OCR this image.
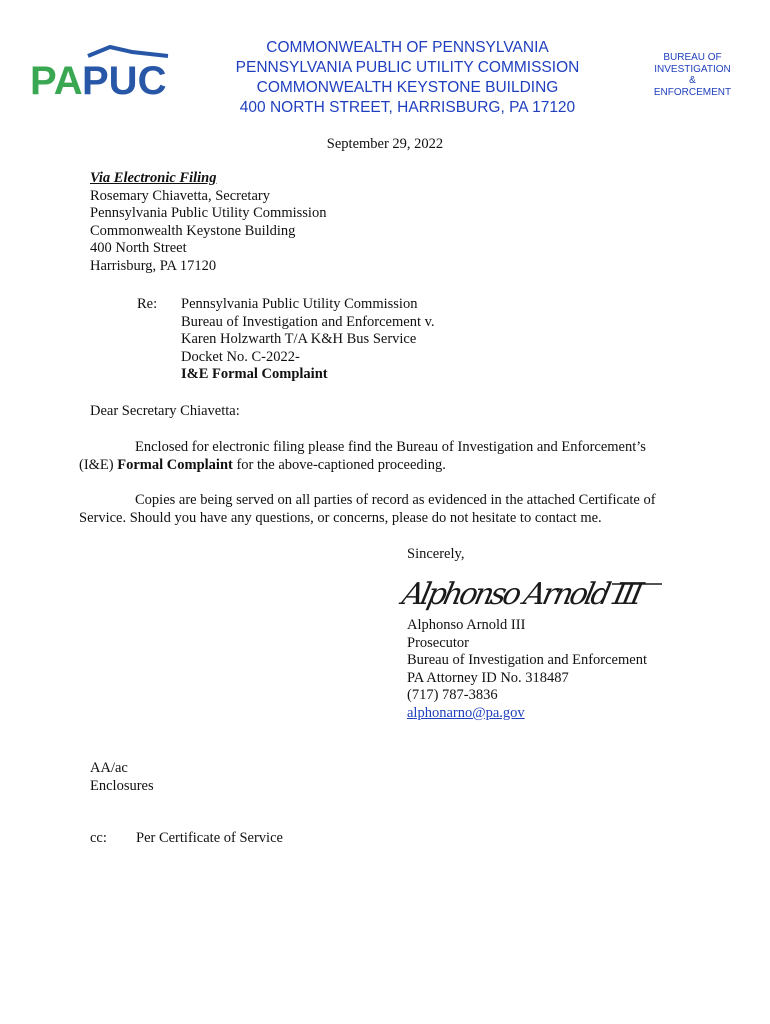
PA PUC
COMMONWEALTH OF PENNSYLVANIA
PENNSYLVANIA PUBLIC UTILITY COMMISSION
COMMONWEALTH KEYSTONE BUILDING
400 NORTH STREET, HARRISBURG, PA 17120
BUREAU OF
INVESTIGATION
&
ENFORCEMENT
September 29, 2022
Via Electronic Filing
Rosemary Chiavetta, Secretary
Pennsylvania Public Utility Commission
Commonwealth Keystone Building
400 North Street
Harrisburg, PA 17120
Re: Pennsylvania Public Utility Commission
Bureau of Investigation and Enforcement v.
Karen Holzwarth T/A K&H Bus Service
Docket No. C-2022-
I&E Formal Complaint
Dear Secretary Chiavetta:
Enclosed for electronic filing please find the Bureau of Investigation and Enforcement’s
(I&E) Formal Complaint for the above-captioned proceeding.
Copies are being served on all parties of record as evidenced in the attached Certificate of
Service. Should you have any questions, or concerns, please do not hesitate to contact me.
Sincerely,
Alphonso Arnold III
Alphonso Arnold III
Prosecutor
Bureau of Investigation and Enforcement
PA Attorney ID No. 318487
(717) 787-3836
alphonarno@pa.gov
AA/ac
Enclosures
cc: Per Certificate of Service
